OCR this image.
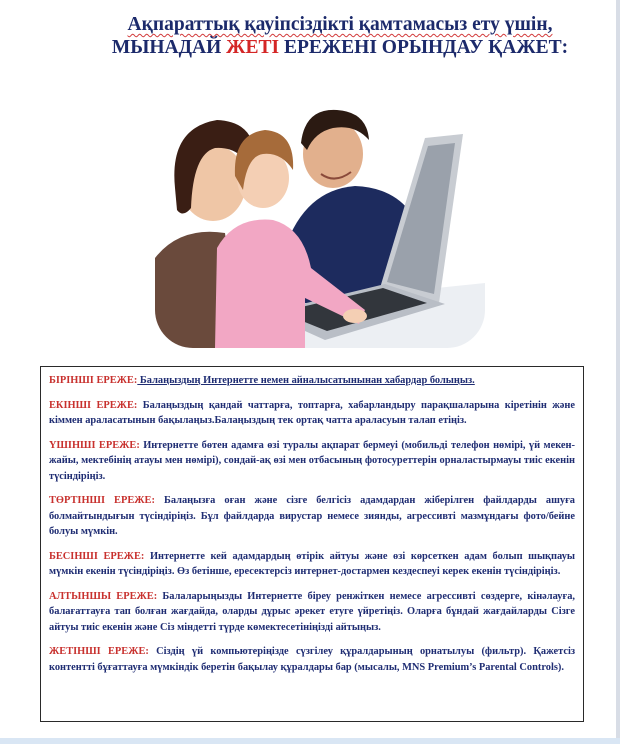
Ақпараттық қауіпсіздікті қамтамасыз ету үшін,
МЫНАДАЙ ЖЕТІ ЕРЕЖЕНІ ОРЫНДАУ ҚАЖЕТ:

БІРІНШІ ЕРЕЖЕ: Балаңыздың Интернетте немен айналысатынынан хабардар болыңыз.

ЕКІНШІ ЕРЕЖЕ: Балаңыздың қандай чаттарға, топтарға, хабарландыру парақшаларына кіретінін және кіммен араласатынын бақылаңыз.Балаңыздың тек ортақ чатта араласуын талап етіңіз.

ҮШІНШІ ЕРЕЖЕ: Интернетте бөтен адамға өзі туралы ақпарат бермеуі (мобильді телефон нөмірі, үй мекен-жайы, мектебінің атауы мен нөмірі), сондай-ақ өзі мен отбасының фотосуреттерін орналастырмауы тиіс екенін түсіндіріңіз.

ТӨРТІНШІ ЕРЕЖЕ: Балаңызға оған және сізге белгісіз адамдардан жіберілген файлдарды ашуға болмайтындығын түсіндіріңіз. Бұл файлдарда вирустар немесе зиянды, агрессивті мазмұндағы фото/бейне болуы мүмкін.

БЕСІНШІ ЕРЕЖЕ: Интернетте кей адамдардың өтірік айтуы және өзі көрсеткен адам болып шықпауы мүмкін екенін түсіндіріңіз. Өз бетінше, ересектерсіз интернет-достармен кездеспеуі керек екенін түсіндіріңіз.

АЛТЫНШЫ ЕРЕЖЕ: Балаларыңызды Интернетте біреу ренжіткен немесе агрессивті сөздерге, кінәлауға, балағаттауға тап болған жағдайда, оларды дұрыс әрекет етуге үйретіңіз. Оларға бұндай жағдайларды Сізге айтуы тиіс екенін және Сіз міндетті түрде көмектесетініңізді айтыңыз.

ЖЕТІНШІ ЕРЕЖЕ: Сіздің үй компьютеріңізде сүзгілеу құралдарының орнатылуы (фильтр). Қажетсіз контентті бұғаттауға мүмкіндік беретін бақылау құралдары бар (мысалы, MNS Premium’s Parental Controls).
